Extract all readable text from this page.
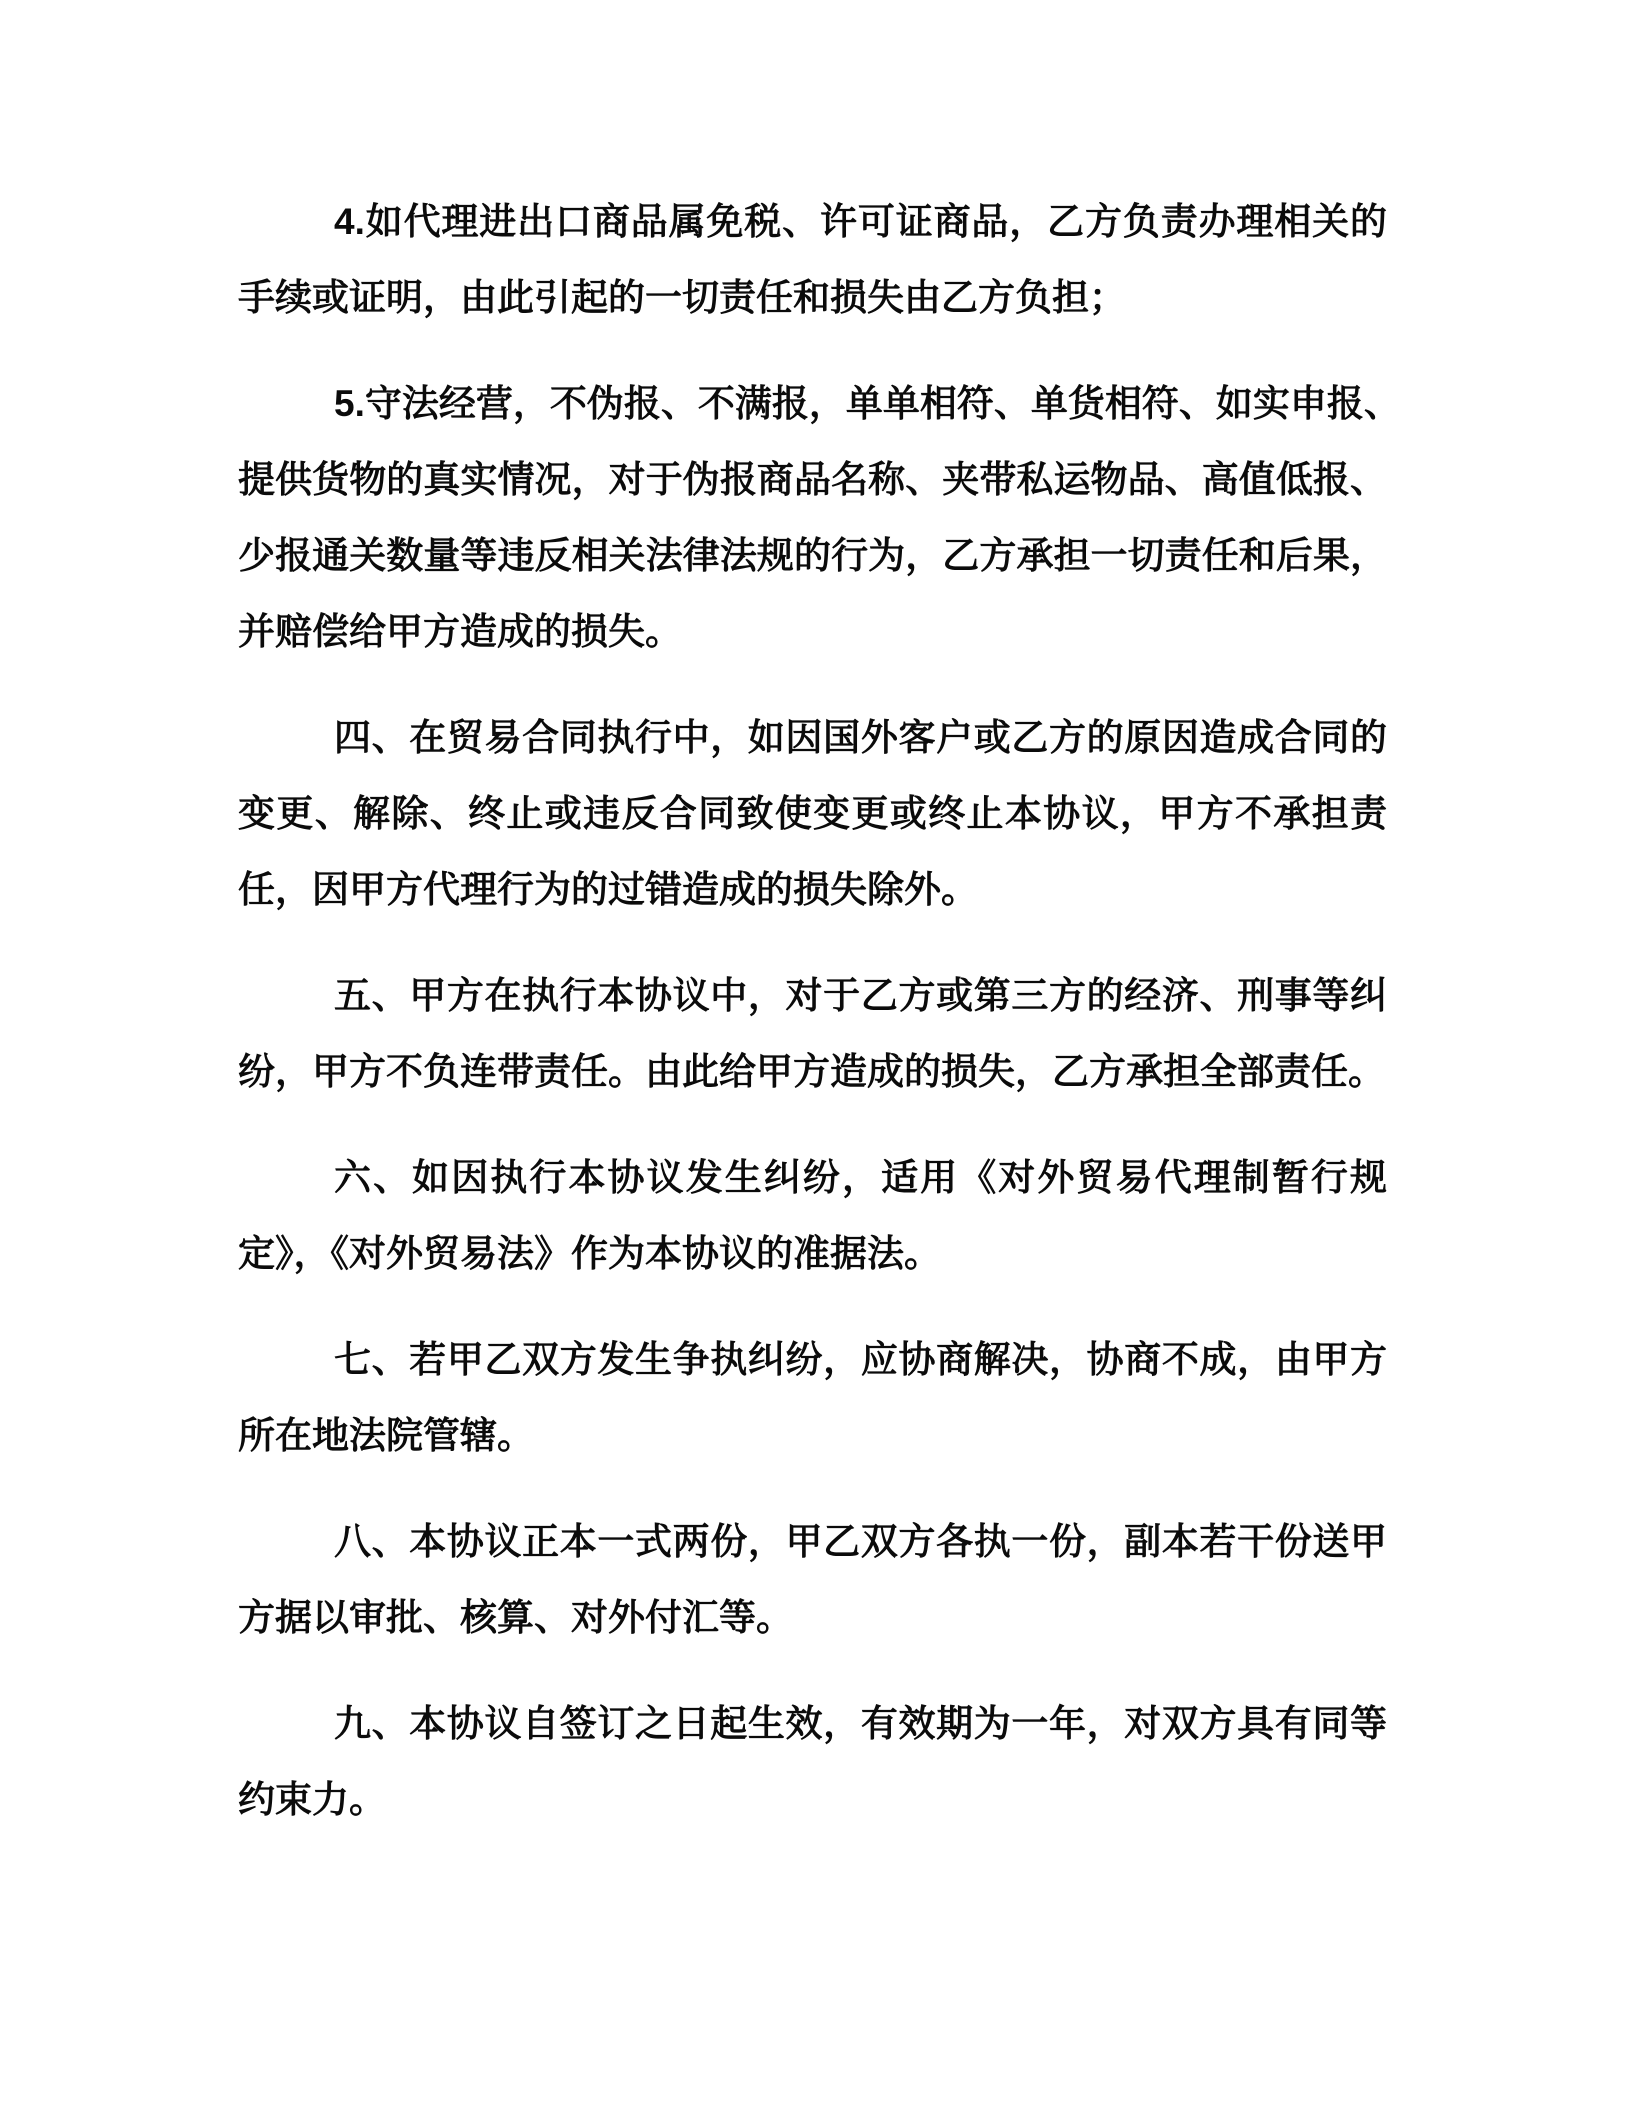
4.如代理进出口商品属免税、许可证商品，乙方负责办理相关的
手续或证明，由此引起的一切责任和损失由乙方负担；
5.守法经营，不伪报、不满报，单单相符、单货相符、如实申报、
提供货物的真实情况，对于伪报商品名称、夹带私运物品、高值低报、
少报通关数量等违反相关法律法规的行为，乙方承担一切责任和后果，
并赔偿给甲方造成的损失。
四、在贸易合同执行中，如因国外客户或乙方的原因造成合同的
变更、解除、终止或违反合同致使变更或终止本协议，甲方不承担责
任，因甲方代理行为的过错造成的损失除外。
五、甲方在执行本协议中，对于乙方或第三方的经济、刑事等纠
纷，甲方不负连带责任。由此给甲方造成的损失，乙方承担全部责任。
六、如因执行本协议发生纠纷，适用《对外贸易代理制暂行规
定》，《对外贸易法》作为本协议的准据法。
七、若甲乙双方发生争执纠纷，应协商解决，协商不成，由甲方
所在地法院管辖。
八、本协议正本一式两份，甲乙双方各执一份，副本若干份送甲
方据以审批、核算、对外付汇等。
九、本协议自签订之日起生效，有效期为一年，对双方具有同等
约束力。
